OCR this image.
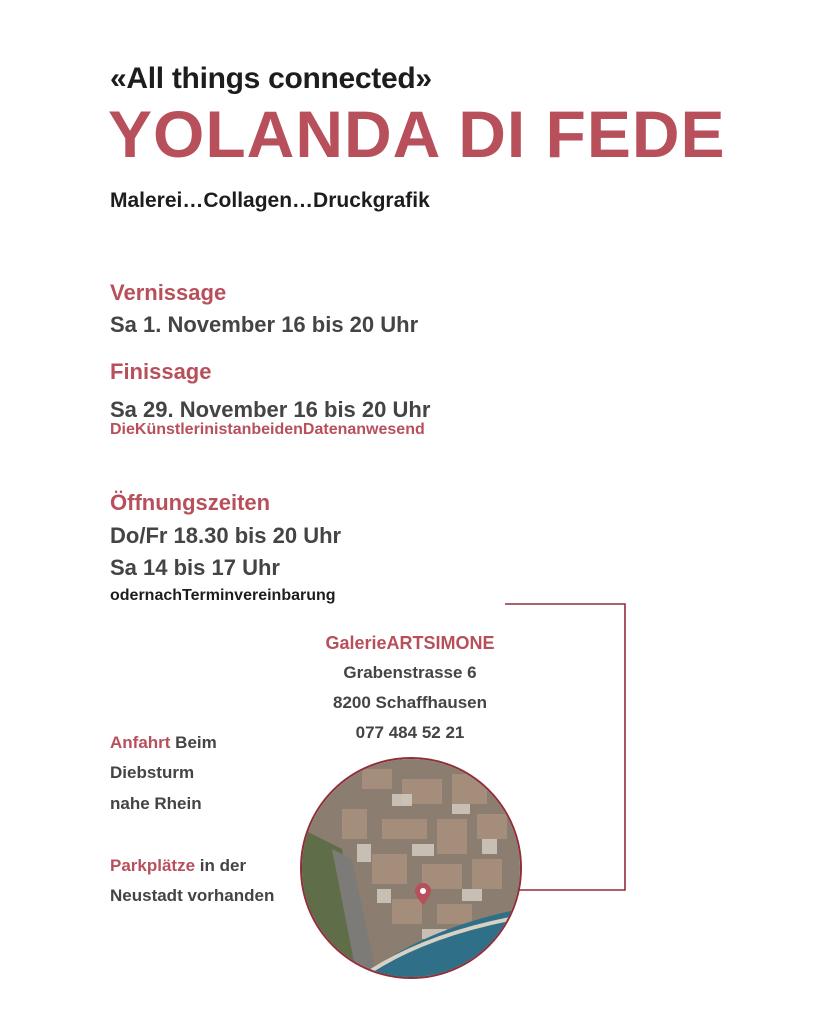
«All things connected»
YOLANDA DI FEDE
Malerei…Collagen…Druckgrafik
Vernissage
Sa 1. November 16 bis 20 Uhr
Finissage
Sa 29. November 16 bis 20 Uhr
DieKünstlerinistanbeidenDatenanwesend
Öffnungszeiten
Do/Fr 18.30 bis 20 Uhr
Sa 14 bis 17 Uhr
odernachTerminvereinbarung
GalerieARTSIMONE
Grabenstrasse 6
8200 Schaffhausen
077 484 52 21
Anfahrt Beim
Diebsturm
nahe Rhein
Parkplätze in der
Neustadt vorhanden
